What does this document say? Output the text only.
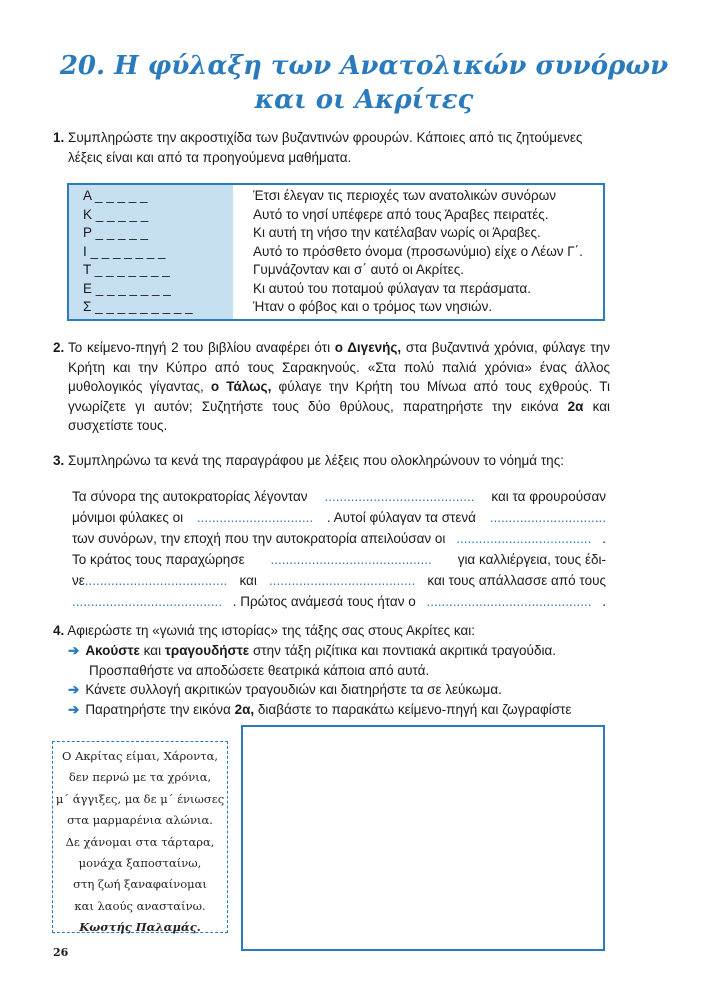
20. Η φύλαξη των Ανατολικών συνόρων
και οι Ακρίτες
1. Συμπληρώστε την ακροστιχίδα των βυζαντινών φρουρών. Κάποιες από τις ζητούμενες
λέξεις είναι και από τα προηγούμενα μαθήματα.
Α _ _ _ _ _
Κ _ _ _ _ _
Ρ _ _ _ _ _
Ι _ _ _ _ _ _ _
Τ _ _ _ _ _ _ _
Ε _ _ _ _ _ _ _
Σ _ _ _ _ _ _ _ _ _
Έτσι έλεγαν τις περιοχές των ανατολικών συνόρων
Αυτό το νησί υπέφερε από τους Άραβες πειρατές.
Κι αυτή τη νήσο την κατέλαβαν νωρίς οι Άραβες.
Αυτό το πρόσθετο όνομα (προσωνύμιο) είχε ο Λέων Γ΄.
Γυμνάζονταν και σ΄ αυτό οι Ακρίτες.
Κι αυτού του ποταμού φύλαγαν τα περάσματα.
Ήταν ο φόβος και ο τρόμος των νησιών.
2. Το κείμενο-πηγή 2 του βιβλίου αναφέρει ότι ο Διγενής, στα βυζαντινά χρόνια, φύλαγε την Κρήτη και την Κύπρο από τους Σαρακηνούς. «Στα πολύ παλιά χρόνια» ένας άλλος μυθολογικός γίγαντας, ο Τάλως, φύλαγε την Κρήτη του Μίνωα από τους εχθρούς. Τι γνωρίζετε γι αυτόν; Συζητήστε τους δύο θρύλους, παρατηρήστε την εικόνα 2α και συσχετίστε τους.
3. Συμπληρώνω τα κενά της παραγράφου με λέξεις που ολοκληρώνουν το νόημά της:
Τα σύνορα της αυτοκρατορίας λέγονταν ........................................ και τα φρουρούσαν
μόνιμοι φύλακες οι ............................... . Αυτοί φύλαγαν τα στενά ...............................
των συνόρων, την εποχή που την αυτοκρατορία απειλούσαν οι .................................... .
Το κράτος τους παραχώρησε ........................................... για καλλιέργεια, τους έδι-
νε...................................... και ....................................... και τους απάλλασσε από τους
........................................ . Πρώτος ανάμεσά τους ήταν ο ............................................ .
4. Αφιερώστε τη «γωνιά της ιστορίας» της τάξης σας στους Ακρίτες και:
➔ Ακούστε και τραγουδήστε στην τάξη ριζίτικα και ποντιακά ακριτικά τραγούδια.
Προσπαθήστε να αποδώσετε θεατρικά κάποια από αυτά.
➔ Κάνετε συλλογή ακριτικών τραγουδιών και διατηρήστε τα σε λεύκωμα.
➔ Παρατηρήστε την εικόνα 2α, διαβάστε το παρακάτω κείμενο-πηγή και ζωγραφίστε
Ο Ακρίτας είμαι, Χάροντα,
δεν περνώ με τα χρόνια,
μ΄ άγγιξες, μα δε μ΄ ένιωσες
στα μαρμαρένια αλώνια.
Δε χάνομαι στα τάρταρα,
μονάχα ξαποσταίνω,
στη ζωή ξαναφαίνομαι
και λαούς ανασταίνω.
Κωστής Παλαμάς.
26
